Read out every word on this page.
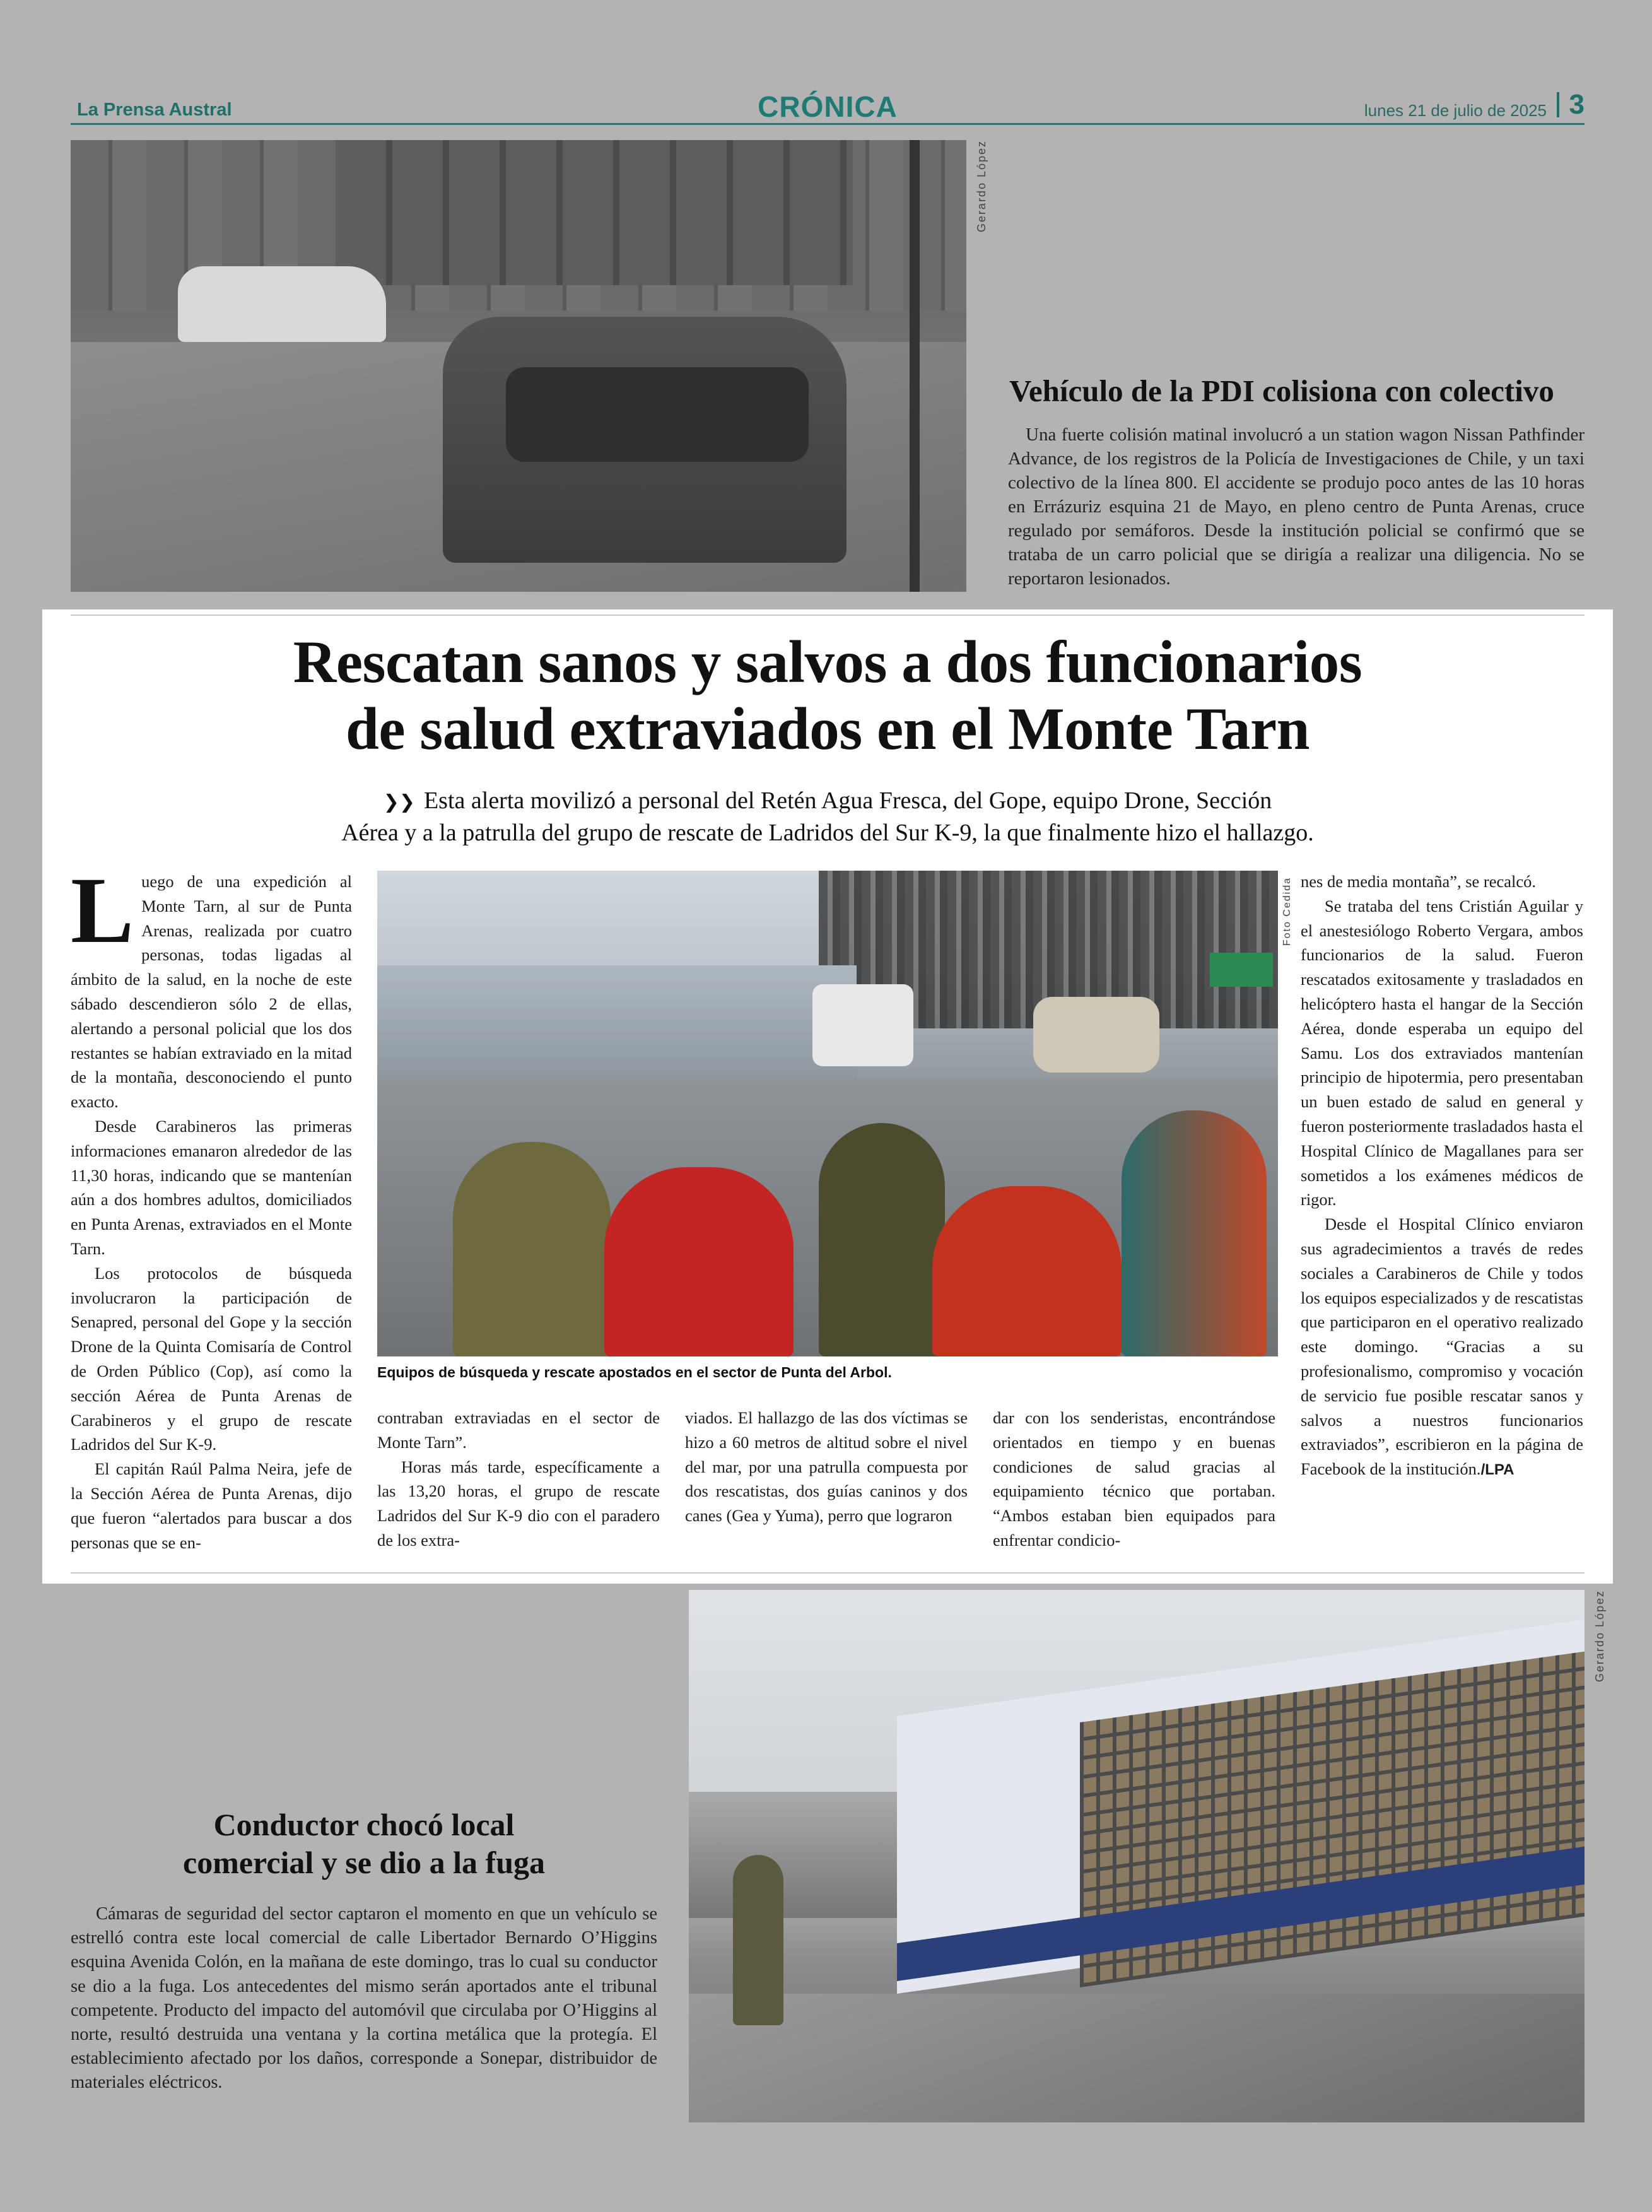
La Prensa Austral	CRÓNICA	lunes 21 de julio de 2025 3
Gerardo López
Vehículo de la PDI colisiona con colectivo
Una fuerte colisión matinal involucró a un station wagon Nissan Pathfinder Advance, de los registros de la Policía de Investigaciones de Chile, y un taxi colectivo de la línea 800. El accidente se produjo poco antes de las 10 horas en Errázuriz esquina 21 de Mayo, en pleno centro de Punta Arenas, cruce regulado por semáforos. Desde la institución policial se confirmó que se trataba de un carro policial que se dirigía a realizar una diligencia. No se reportaron lesionados.
Rescatan sanos y salvos a dos funcionarios
de salud extraviados en el Monte Tarn
❯❯ Esta alerta movilizó a personal del Retén Agua Fresca, del Gope, equipo Drone, Sección
Aérea y a la patrulla del grupo de rescate de Ladridos del Sur K-9, la que finalmente hizo el hallazgo.

Luego de una expedición al Monte Tarn, al sur de Punta Arenas, realizada por cuatro personas, todas ligadas al ámbito de la salud, en la noche de este sábado descendieron sólo 2 de ellas, alertando a personal policial que los dos restantes se habían extraviado en la mitad de la montaña, desconociendo el punto exacto.

Desde Carabineros las primeras informaciones emanaron alrededor de las 11,30 horas, indicando que se mantenían aún a dos hombres adultos, domiciliados en Punta Arenas, extraviados en el Monte Tarn.

Los protocolos de búsqueda involucraron la participación de Senapred, personal del Gope y la sección Drone de la Quinta Comisaría de Control de Orden Público (Cop), así como la sección Aérea de Punta Arenas de Carabineros y el grupo de rescate Ladridos del Sur K-9.

El capitán Raúl Palma Neira, jefe de la Sección Aérea de Punta Arenas, dijo que fueron “alertados para buscar a dos personas que se en-

Foto Cedida
Equipos de búsqueda y rescate apostados en el sector de Punta del Arbol.

contraban extraviadas en el sector de Monte Tarn”.

Horas más tarde, específicamente a las 13,20 horas, el grupo de rescate Ladridos del Sur K-9 dio con el paradero de los extra-

viados. El hallazgo de las dos víctimas se hizo a 60 metros de altitud sobre el nivel del mar, por una patrulla compuesta por dos rescatistas, dos guías caninos y dos canes (Gea y Yuma), perro que lograron

dar con los senderistas, encontrándose orientados en tiempo y en buenas condiciones de salud gracias al equipamiento técnico que portaban. “Ambos estaban bien equipados para enfrentar condicio-

nes de media montaña”, se recalcó.

Se trataba del tens Cristián Aguilar y el anestesiólogo Roberto Vergara, ambos funcionarios de la salud. Fueron rescatados exitosamente y trasladados en helicóptero hasta el hangar de la Sección Aérea, donde esperaba un equipo del Samu. Los dos extraviados mantenían principio de hipotermia, pero presentaban un buen estado de salud en general y fueron posteriormente trasladados hasta el Hospital Clínico de Magallanes para ser sometidos a los exámenes médicos de rigor.

Desde el Hospital Clínico enviaron sus agradecimientos a través de redes sociales a Carabineros de Chile y todos los equipos especializados y de rescatistas que participaron en el operativo realizado este domingo. “Gracias a su profesionalismo, compromiso y vocación de servicio fue posible rescatar sanos y salvos a nuestros funcionarios extraviados”, escribieron en la página de Facebook de la institución./LPA

Conductor chocó local
comercial y se dio a la fuga
Cámaras de seguridad del sector captaron el momento en que un vehículo se estrelló contra este local comercial de calle Libertador Bernardo O’Higgins esquina Avenida Colón, en la mañana de este domingo, tras lo cual su conductor se dio a la fuga. Los antecedentes del mismo serán aportados ante el tribunal competente. Producto del impacto del automóvil que circulaba por O’Higgins al norte, resultó destruida una ventana y la cortina metálica que la protegía. El establecimiento afectado por los daños, corresponde a Sonepar, distribuidor de materiales eléctricos.
Gerardo López
